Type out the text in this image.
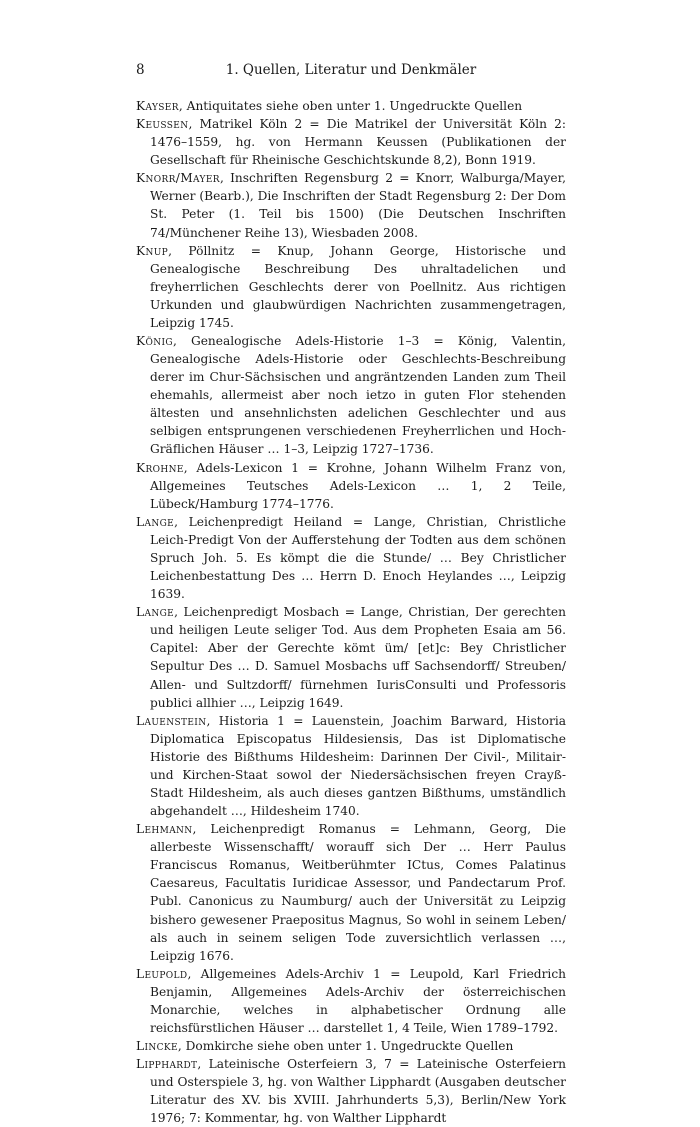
8	1. Quellen, Literatur und Denkmäler
Kayser, Antiquitates siehe oben unter 1. Ungedruckte Quellen
Keussen, Matrikel Köln 2 = Die Matrikel der Universität Köln 2: 1476–1559, hg. von Hermann Keussen (Publikationen der Gesellschaft für Rheinische Geschichtskunde 8,2), Bonn 1919.
Knorr/Mayer, Inschriften Regensburg 2 = Knorr, Walburga/Mayer, Werner (Bearb.), Die Inschriften der Stadt Regensburg 2: Der Dom St. Peter (1. Teil bis 1500) (Die Deutschen Inschriften 74/Münchener Reihe 13), Wiesbaden 2008.
Knup, Pöllnitz = Knup, Johann George, Historische und Genealogische Beschreibung Des uhraltadelichen und freyherrlichen Geschlechts derer von Poellnitz. Aus richtigen Urkunden und glaubwürdigen Nachrichten zusammengetragen, Leipzig 1745.
König, Genealogische Adels-Historie 1–3 = König, Valentin, Genealogische Adels-Historie oder Geschlechts-Beschreibung derer im Chur-Sächsischen und angräntzenden Landen zum Theil ehemahls, allermeist aber noch ietzo in guten Flor stehenden ältesten und ansehnlichsten adelichen Geschlechter und aus selbigen entsprungenen verschiedenen Freyherrlichen und Hoch-Gräflichen Häuser … 1–3, Leipzig 1727–1736.
Krohne, Adels-Lexicon 1 = Krohne, Johann Wilhelm Franz von, Allgemeines Teutsches Adels-Lexicon … 1, 2 Teile, Lübeck/Hamburg 1774–1776.
Lange, Leichenpredigt Heiland = Lange, Christian, Christliche Leich-Predigt Von der Aufferstehung der Todten aus dem schönen Spruch Joh. 5. Es kömpt die die Stunde/ … Bey Christlicher Leichenbestattung Des … Herrn D. Enoch Heylandes …, Leipzig 1639.
Lange, Leichenpredigt Mosbach = Lange, Christian, Der gerechten und heiligen Leute seliger Tod. Aus dem Propheten Esaia am 56. Capitel: Aber der Gerechte kömt üm/ [et]c: Bey Christlicher Sepultur Des … D. Samuel Mosbachs uff Sachsendorff/ Streuben/ Allen- und Sultzdorff/ fürnehmen IurisConsulti und Professoris publici allhier …, Leipzig 1649.
Lauenstein, Historia 1 = Lauenstein, Joachim Barward, Historia Diplomatica Episcopatus Hildesiensis, Das ist Diplomatische Historie des Bißthums Hildesheim: Darinnen Der Civil-, Militair- und Kirchen-Staat sowol der Niedersächsischen freyen Crayß-Stadt Hildesheim, als auch dieses gantzen Bißthums, umständlich abgehandelt …, Hildesheim 1740.
Lehmann, Leichenpredigt Romanus = Lehmann, Georg, Die allerbeste Wissenschafft/ worauff sich Der … Herr Paulus Franciscus Romanus, Weitberühmter ICtus, Comes Palatinus Caesareus, Facultatis Iuridicae Assessor, und Pandectarum Prof. Publ. Canonicus zu Naumburg/ auch der Universität zu Leipzig bishero gewesener Praepositus Magnus, So wohl in seinem Leben/ als auch in seinem seligen Tode zuversichtlich verlassen …, Leipzig 1676.
Leupold, Allgemeines Adels-Archiv 1 = Leupold, Karl Friedrich Benjamin, Allgemeines Adels-Archiv der österreichischen Monarchie, welches in alphabetischer Ordnung alle reichsfürstlichen Häuser … darstellet 1, 4 Teile, Wien 1789–1792.
Lincke, Domkirche siehe oben unter 1. Ungedruckte Quellen
Lipphardt, Lateinische Osterfeiern 3, 7 = Lateinische Osterfeiern und Osterspiele 3, hg. von Walther Lipphardt (Ausgaben deutscher Literatur des XV. bis XVIII. Jahrhunderts 5,3), Berlin/New York 1976; 7: Kommentar, hg. von Walther Lipphardt
